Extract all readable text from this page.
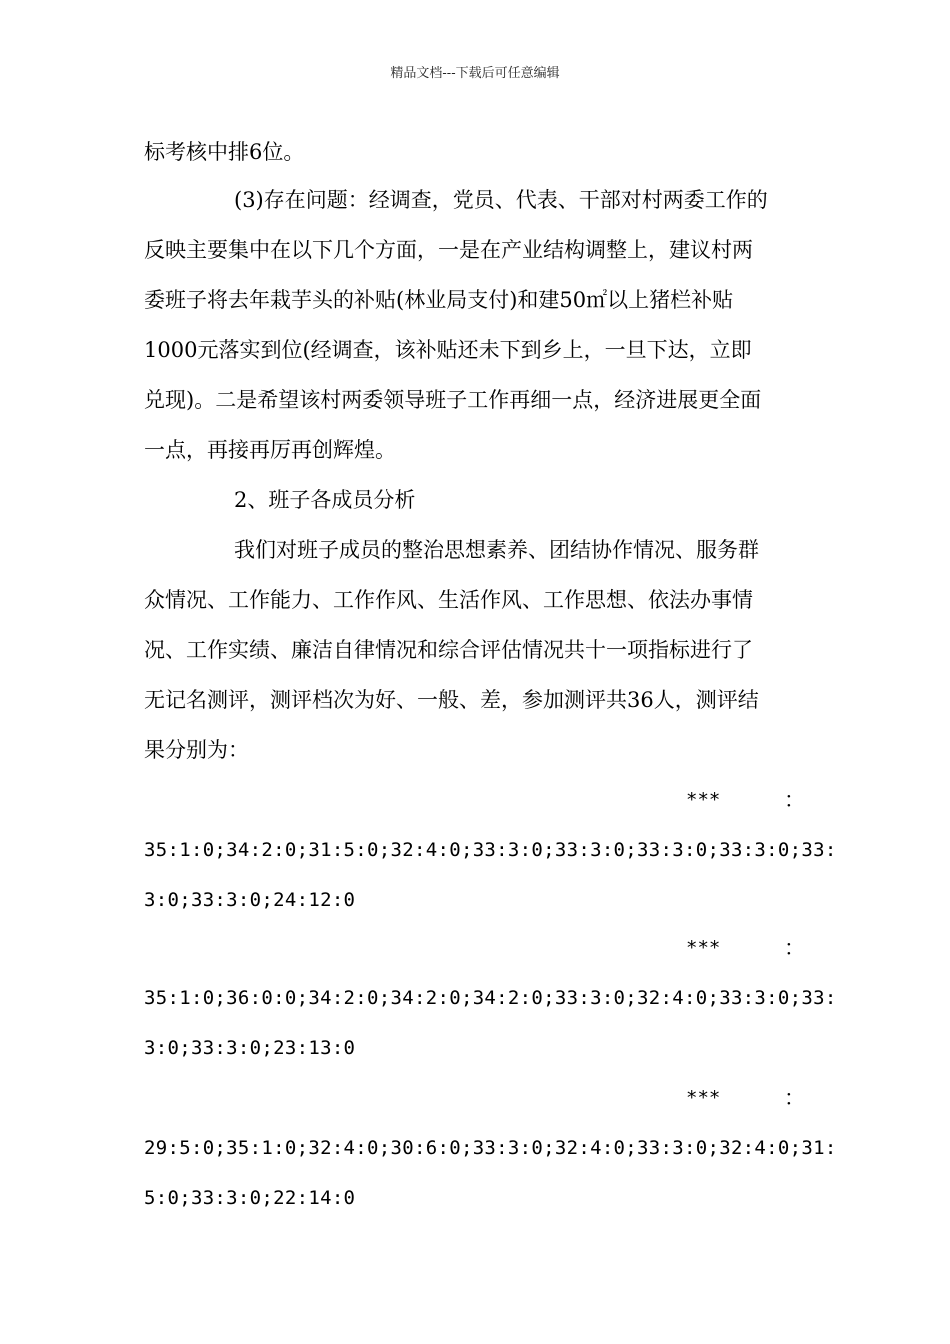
精品文档---下载后可任意编辑
标考核中排6位。
(3)存在问题：经调查，党员、代表、干部对村两委工作的
反映主要集中在以下几个方面，一是在产业结构调整上，建议村两
委班子将去年栽芋头的补贴(林业局支付)和建50㎡以上猪栏补贴
1000元落实到位(经调查，该补贴还未下到乡上，一旦下达，立即
兑现)。二是希望该村两委领导班子工作再细一点，经济进展更全面
一点，再接再厉再创辉煌。
2、班子各成员分析
我们对班子成员的整治思想素养、团结协作情况、服务群
众情况、工作能力、工作作风、生活作风、工作思想、依法办事情
况、工作实绩、廉洁自律情况和综合评估情况共十一项指标进行了
无记名测评，测评档次为好、一般、差，参加测评共36人，测评结
果分别为：
***	：
35:1:0;34:2:0;31:5:0;32:4:0;33:3:0;33:3:0;33:3:0;33:3:0;33:
3:0;33:3:0;24:12:0
***	：
35:1:0;36:0:0;34:2:0;34:2:0;34:2:0;33:3:0;32:4:0;33:3:0;33:
3:0;33:3:0;23:13:0
***	：
29:5:0;35:1:0;32:4:0;30:6:0;33:3:0;32:4:0;33:3:0;32:4:0;31:
5:0;33:3:0;22:14:0
